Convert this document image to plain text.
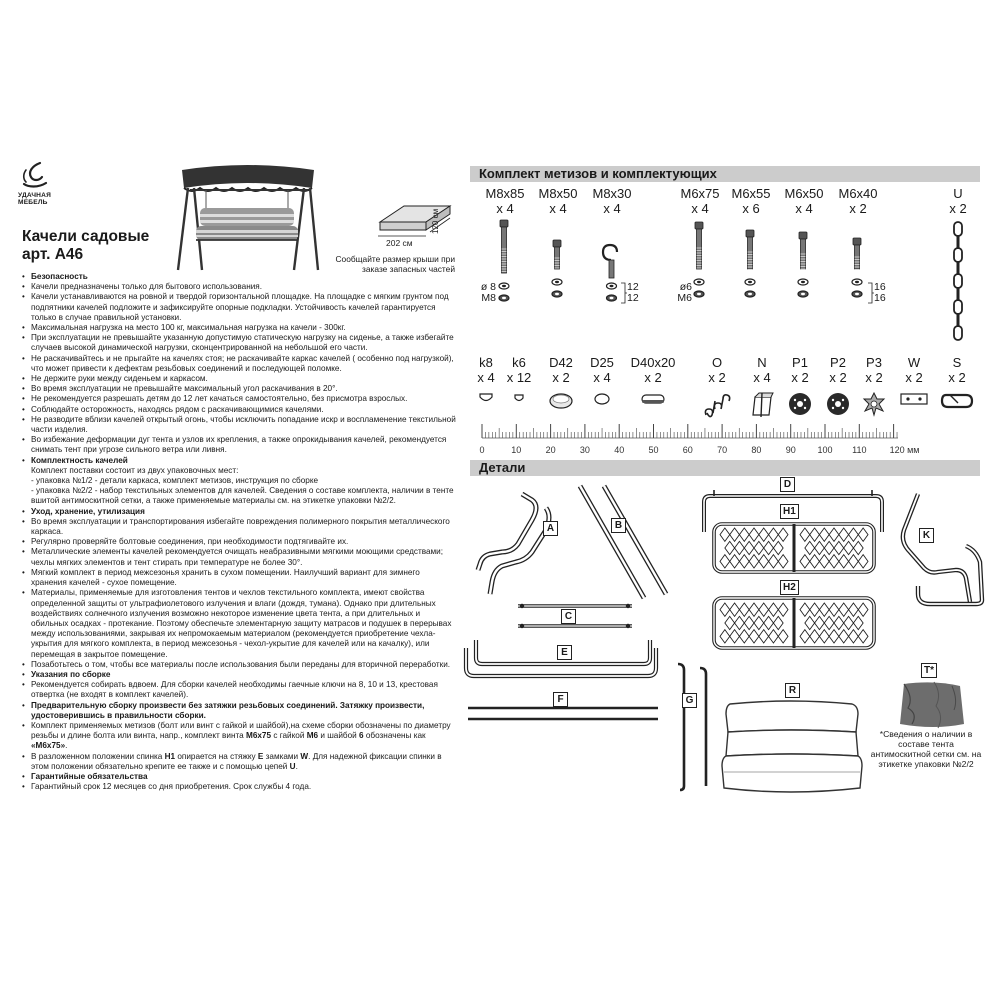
УДАЧНАЯ
МЕБЕЛЬ
Качели садовые
арт. А46
202 см
120 см
Сообщайте размер крыши при заказе запасных частей
• Безопасность
• Качели предназначены только для бытового использования.
• Качели устанавливаются на ровной и твердой горизонтальной площадке. На площадке с мягким грунтом под подпятники качелей подложите и зафиксируйте опорные подкладки. Устойчивость качелей гарантируется только в случае правильной установки.
• Максимальная нагрузка на место 100 кг, максимальная нагрузка на качели - 300кг.
• При эксплуатации не превышайте указанную допустимую статическую нагрузку на сиденье, а также избегайте случаев высокой динамической нагрузки, сконцентрированной на небольшой его части.
• Не раскачивайтесь и не прыгайте на качелях стоя; не раскачивайте каркас качелей ( особенно под нагрузкой), что может привести к дефектам резьбовых соединений и последующей поломке.
• Не держите руки между сиденьем и каркасом.
• Во время эксплуатации не превышайте максимальный угол раскачивания в 20°.
• Не рекомендуется разрешать детям до 12 лет качаться самостоятельно, без присмотра взрослых.
• Соблюдайте осторожность, находясь рядом с раскачивающимися качелями.
• Не разводите вблизи качелей открытый огонь, чтобы исключить попадание искр и воспламенение текстильной части изделия.
• Во избежание деформации дуг тента и узлов их крепления, а также опрокидывания качелей, рекомендуется снимать тент при угрозе сильного ветра или ливня.
• Комплектность качелей
Комплект поставки состоит из двух упаковочных мест:
- упаковка №1/2 - детали каркаса, комплект метизов, инструкция по сборке
- упаковка №2/2 - набор текстильных элементов для качелей. Сведения о составе комплекта, наличии в тенте вшитой антимоскитной сетки, а также применяемые материалы см. на этикетке упаковки №2/2.
• Уход, хранение, утилизация
• Во время эксплуатации и транспортирования избегайте повреждения полимерного покрытия металлического каркаса.
• Регулярно проверяйте болтовые соединения, при необходимости подтягивайте их.
• Металлические элементы качелей рекомендуется очищать неабразивными мягкими моющими средствами; чехлы мягких элементов и тент стирать при температуре не более 30°.
• Мягкий комплект в период межсезонья хранить в сухом помещении. Наилучший вариант для зимнего хранения качелей - сухое помещение.
• Материалы, применяемые для изготовления тентов и чехлов текстильного комплекта, имеют свойства определенной защиты от ультрафиолетового излучения и влаги (дождя, тумана). Однако при длительных воздействиях солнечного излучения возможно некоторое изменение цвета тента, а при длительных и обильных осадках - протекание. Поэтому обеспечьте элементарную защиту матрасов и подушек в перерывах между использованиями, закрывая их непромокаемым материалом (рекомендуется приобретение чехла-укрытия для мягкого комплекта, в период межсезонья - чехол-укрытие для качелей или на качалку), или перемещая в закрытое помещение.
• Позаботьтесь о том, чтобы все материалы после использования были переданы для вторичной переработки.
• Указания по сборке
• Рекомендуется собирать вдвоем. Для сборки качелей необходимы гаечные ключи на 8, 10 и 13, крестовая отвертка (не входят в комплект качелей).
• Предварительную сборку произвести без затяжки резьбовых соединений. Затяжку произвести, удостоверившись в правильности сборки.
• Комплект применяемых метизов (болт или винт с гайкой и шайбой),на схеме сборки обозначены по диаметру резьбы и длине болта или винта, напр., комплект винта М6х75 с гайкой М6 и шайбой 6 обозначены как «М6х75».
• В разложенном положении спинка H1 опирается на стяжку E замками W. Для надежной фиксации спинки в этом положении обязательно крепите ее также и с помощью цепей U.
• Гарантийные обязательства
• Гарантийный срок 12 месяцев со дня приобретения. Срок службы 4 года.
Комплект метизов и комплектующих
M8x85
x 4
M8x50
x 4
M8x30
x 4
M6x75
x 4
M6x55
x 6
M6x50
x 4
M6x40
x 2
U
x 2
ø 8
M8
12
12
ø6
M6
16
16
k8
x 4
k6
x 12
D42
x 2
D25
x 4
D40x20
x 2
O
x 2
N
x 4
P1
x 2
P2
x 2
P3
x 2
W
x 2
S
x 2
0	10	20	30	40	50	60	70	80	90 100 110	120 мм
Детали
A	B
C
E
F	G
D
H1
H2
K
R
T*
*Сведения о наличии в составе тента антимоскитной сетки см. на этикетке упаковки №2/2
